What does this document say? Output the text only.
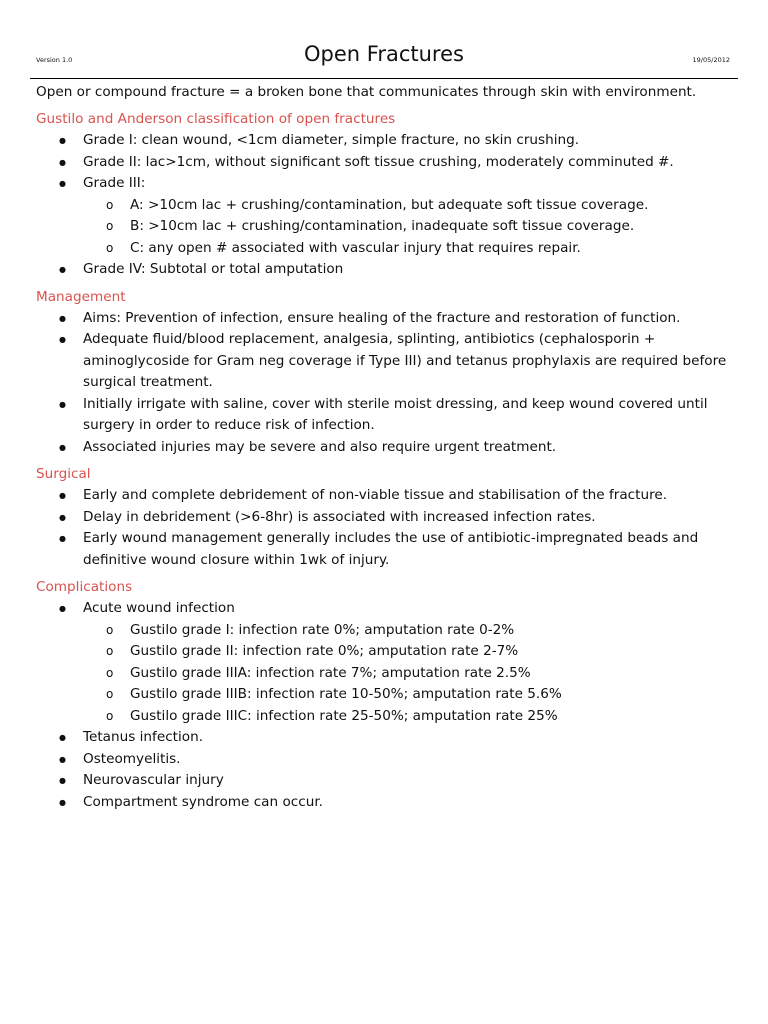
Version 1.0	Open Fractures	19/05/2012

Open or compound fracture = a broken bone that communicates through skin with environment.

Gustilo and Anderson classification of open fractures

● Grade I: clean wound, <1cm diameter, simple fracture, no skin crushing.
● Grade II: lac>1cm, without significant soft tissue crushing, moderately comminuted #.
● Grade III:
o A: >10cm lac + crushing/contamination, but adequate soft tissue coverage.
o B: >10cm lac + crushing/contamination, inadequate soft tissue coverage.
o C: any open # associated with vascular injury that requires repair.
● Grade IV: Subtotal or total amputation

Management

● Aims: Prevention of infection, ensure healing of the fracture and restoration of function.
● Adequate fluid/blood replacement, analgesia, splinting, antibiotics (cephalosporin + aminoglycoside for Gram neg coverage if Type III) and tetanus prophylaxis are required before surgical treatment.
● Initially irrigate with saline, cover with sterile moist dressing, and keep wound covered until surgery in order to reduce risk of infection.
● Associated injuries may be severe and also require urgent treatment.

Surgical

● Early and complete debridement of non-viable tissue and stabilisation of the fracture.
● Delay in debridement (>6-8hr) is associated with increased infection rates.
● Early wound management generally includes the use of antibiotic-impregnated beads and definitive wound closure within 1wk of injury.

Complications

● Acute wound infection
o Gustilo grade I: infection rate 0%; amputation rate 0-2%
o Gustilo grade II: infection rate 0%; amputation rate 2-7%
o Gustilo grade IIIA: infection rate 7%; amputation rate 2.5%
o Gustilo grade IIIB: infection rate 10-50%; amputation rate 5.6%
o Gustilo grade IIIC: infection rate 25-50%; amputation rate 25%
● Tetanus infection.
● Osteomyelitis.
● Neurovascular injury
● Compartment syndrome can occur.
